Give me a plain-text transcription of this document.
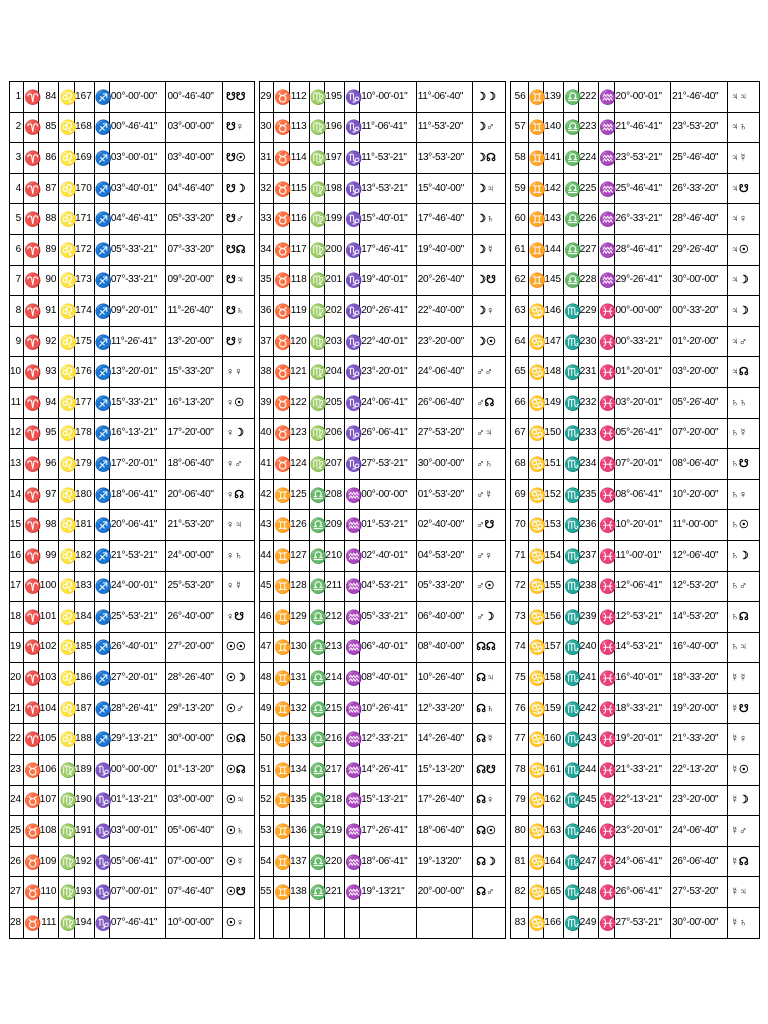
1	♈	84	♌	167	♐	00°-00'-00"	00°-46'-40"	☋☋		29	♉	112	♍	195	♑	10°-00'-01"	11°-06'-40"	☽☽		56	♊	139	♎	222	♒	20°-00'-01"	21°-46'-40"	♃♃
2	♈	85	♌	168	♐	00°-46'-41"	03°-00'-00"	☋♀		30	♉	113	♍	196	♑	11°-06'-41"	11°-53'-20"	☽♂		57	♊	140	♎	223	♒	21°-46'-41"	23°-53'-20"	♃♄
3	♈	86	♌	169	♐	03°-00'-01"	03°-40'-00"	☋☉		31	♉	114	♍	197	♑	11°-53'-21"	13°-53'-20"	☽☊		58	♊	141	♎	224	♒	23°-53'-21"	25°-46'-40"	♃☿
4	♈	87	♌	170	♐	03°-40'-01"	04°-46'-40"	☋☽		32	♉	115	♍	198	♑	13°-53'-21"	15°-40'-00"	☽♃		59	♊	142	♎	225	♒	25°-46'-41"	26°-33'-20"	♃☋
5	♈	88	♌	171	♐	04°-46'-41"	05°-33'-20"	☋♂		33	♉	116	♍	199	♑	15°-40'-01"	17°-46'-40"	☽♄		60	♊	143	♎	226	♒	26°-33'-21"	28°-46'-40"	♃♀
6	♈	89	♌	172	♐	05°-33'-21"	07°-33'-20"	☋☊		34	♉	117	♍	200	♑	17°-46'-41"	19°-40'-00"	☽☿		61	♊	144	♎	227	♒	28°-46'-41"	29°-26'-40"	♃☉
7	♈	90	♌	173	♐	07°-33'-21"	09°-20'-00"	☋♃		35	♉	118	♍	201	♑	19°-40'-01"	20°-26'-40"	☽☋		62	♊	145	♎	228	♒	29°-26'-41"	30°-00'-00"	♃☽
8	♈	91	♌	174	♐	09°-20'-01"	11°-26'-40"	☋♄		36	♉	119	♍	202	♑	20°-26'-41"	22°-40'-00"	☽♀		63	♋	146	♏	229	♓	00°-00'-00"	00°-33'-20"	♃☽
9	♈	92	♌	175	♐	11°-26'-41"	13°-20'-00"	☋☿		37	♉	120	♍	203	♑	22°-40'-01"	23°-20'-00"	☽☉		64	♋	147	♏	230	♓	00°-33'-21"	01°-20'-00"	♃♂
10	♈	93	♌	176	♐	13°-20'-01"	15°-33'-20"	♀♀		38	♉	121	♍	204	♑	23°-20'-01"	24°-06'-40"	♂♂		65	♋	148	♏	231	♓	01°-20'-01"	03°-20'-00"	♃☊
11	♈	94	♌	177	♐	15°-33'-21"	16°-13'-20"	♀☉		39	♉	122	♍	205	♑	24°-06'-41"	26°-06'-40"	♂☊		66	♋	149	♏	232	♓	03°-20'-01"	05°-26'-40"	♄♄
12	♈	95	♌	178	♐	16°-13'-21"	17°-20'-00"	♀☽		40	♉	123	♍	206	♑	26°-06'-41"	27°-53'-20"	♂♃		67	♋	150	♏	233	♓	05°-26'-41"	07°-20'-00"	♄☿
13	♈	96	♌	179	♐	17°-20'-01"	18°-06'-40"	♀♂		41	♉	124	♍	207	♑	27°-53'-21"	30°-00'-00"	♂♄		68	♋	151	♏	234	♓	07°-20'-01"	08°-06'-40"	♄☋
14	♈	97	♌	180	♐	18°-06'-41"	20°-06'-40"	♀☊		42	♊	125	♎	208	♒	00°-00'-00"	01°-53'-20"	♂☿		69	♋	152	♏	235	♓	08°-06'-41"	10°-20'-00"	♄♀
15	♈	98	♌	181	♐	20°-06'-41"	21°-53'-20"	♀♃		43	♊	126	♎	209	♒	01°-53'-21"	02°-40'-00"	♂☋		70	♋	153	♏	236	♓	10°-20'-01"	11°-00'-00"	♄☉
16	♈	99	♌	182	♐	21°-53'-21"	24°-00'-00"	♀♄		44	♊	127	♎	210	♒	02°-40'-01"	04°-53'-20"	♂♀		71	♋	154	♏	237	♓	11°-00'-01"	12°-06'-40"	♄☽
17	♈	100	♌	183	♐	24°-00'-01"	25°-53'-20"	♀☿		45	♊	128	♎	211	♒	04°-53'-21"	05°-33'-20"	♂☉		72	♋	155	♏	238	♓	12°-06'-41"	12°-53'-20"	♄♂
18	♈	101	♌	184	♐	25°-53'-21"	26°-40'-00"	♀☋		46	♊	129	♎	212	♒	05°-33'-21"	06°-40'-00"	♂☽		73	♋	156	♏	239	♓	12°-53'-21"	14°-53'-20"	♄☊
19	♈	102	♌	185	♐	26°-40'-01"	27°-20'-00"	☉☉		47	♊	130	♎	213	♒	06°-40'-01"	08°-40'-00"	☊☊		74	♋	157	♏	240	♓	14°-53'-21"	16°-40'-00"	♄♃
20	♈	103	♌	186	♐	27°-20'-01"	28°-26'-40"	☉☽		48	♊	131	♎	214	♒	08°-40'-01"	10°-26'-40"	☊♃		75	♋	158	♏	241	♓	16°-40'-01"	18°-33'-20"	☿☿
21	♈	104	♌	187	♐	28°-26'-41"	29°-13'-20"	☉♂		49	♊	132	♎	215	♒	10°-26'-41"	12°-33'-20"	☊♄		76	♋	159	♏	242	♓	18°-33'-21"	19°-20'-00"	☿☋
22	♈	105	♌	188	♐	29°-13'-21"	30°-00'-00"	☉☊		50	♊	133	♎	216	♒	12°-33'-21"	14°-26'-40"	☊☿		77	♋	160	♏	243	♓	19°-20'-01"	21°-33'-20"	☿♀
23	♉	106	♍	189	♑	00°-00'-00"	01°-13'-20"	☉☊		51	♊	134	♎	217	♒	14°-26'-41"	15°-13'-20"	☊☋		78	♋	161	♏	244	♓	21°-33'-21"	22°-13'-20"	☿☉
24	♉	107	♍	190	♑	01°-13'-21"	03°-00'-00"	☉♃		52	♊	135	♎	218	♒	15°-13'-21"	17°-26'-40"	☊♀		79	♋	162	♏	245	♓	22°-13'-21"	23°-20'-00"	☿☽
25	♉	108	♍	191	♑	03°-00'-01"	05°-06'-40"	☉♄		53	♊	136	♎	219	♒	17°-26'-41"	18°-06'-40"	☊☉		80	♋	163	♏	246	♓	23°-20'-01"	24°-06'-40"	☿♂
26	♉	109	♍	192	♑	05°-06'-41"	07°-00'-00"	☉☿		54	♊	137	♎	220	♒	18°-06'-41"	19°-13'20"	☊☽		81	♋	164	♏	247	♓	24°-06'-41"	26°-06'-40"	☿☊
27	♉	110	♍	193	♑	07°-00'-01"	07°-46'-40"	☉☋		55	♊	138	♎	221	♒	19°-13'21"	20°-00'-00"	☊♂		82	♋	165	♏	248	♓	26°-06'-41"	27°-53'-20"	☿♃
28	♉	111	♍	194	♑	07°-46'-41"	10°-00'-00"	☉♀												83	♋	166	♏	249	♓	27°-53'-21"	30°-00'-00"	☿♄
